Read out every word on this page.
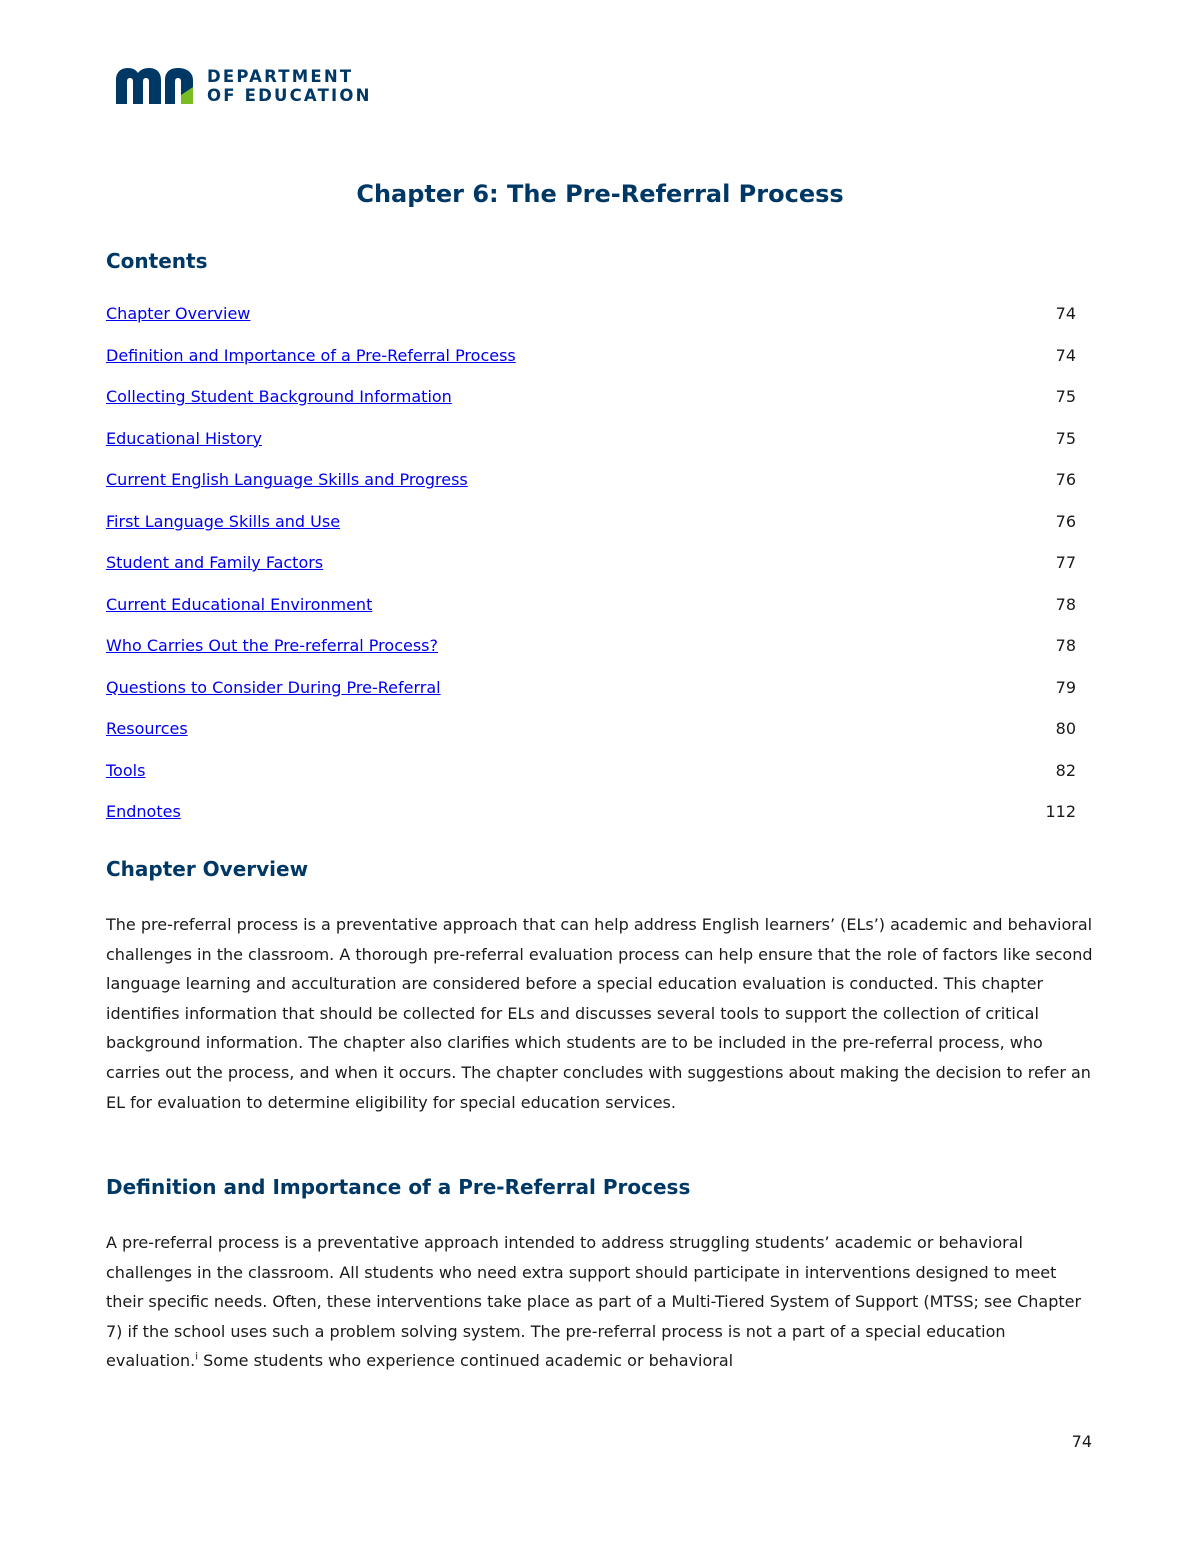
DEPARTMENT
OF EDUCATION
Chapter 6: The Pre-Referral Process
Contents
Chapter Overview	74
Definition and Importance of a Pre-Referral Process	74
Collecting Student Background Information	75
Educational History	75
Current English Language Skills and Progress	76
First Language Skills and Use	76
Student and Family Factors	77
Current Educational Environment	78
Who Carries Out the Pre-referral Process?	78
Questions to Consider During Pre-Referral	79
Resources	80
Tools	82
Endnotes	112
Chapter Overview

The pre-referral process is a preventative approach that can help address English learners’ (ELs’) academic and behavioral challenges in the classroom. A thorough pre-referral evaluation process can help ensure that the role of factors like second language learning and acculturation are considered before a special education evaluation is conducted. This chapter identifies information that should be collected for ELs and discusses several tools to support the collection of critical background information. The chapter also clarifies which students are to be included in the pre-referral process, who carries out the process, and when it occurs. The chapter concludes with suggestions about making the decision to refer an EL for evaluation to determine eligibility for special education services.

Definition and Importance of a Pre-Referral Process

A pre-referral process is a preventative approach intended to address struggling students’ academic or behavioral challenges in the classroom. All students who need extra support should participate in interventions designed to meet their specific needs. Often, these interventions take place as part of a Multi-Tiered System of Support (MTSS; see Chapter 7) if the school uses such a problem solving system. The pre-referral process is not a part of a special education evaluation.$^i$ Some students who experience continued academic or behavioral

74
